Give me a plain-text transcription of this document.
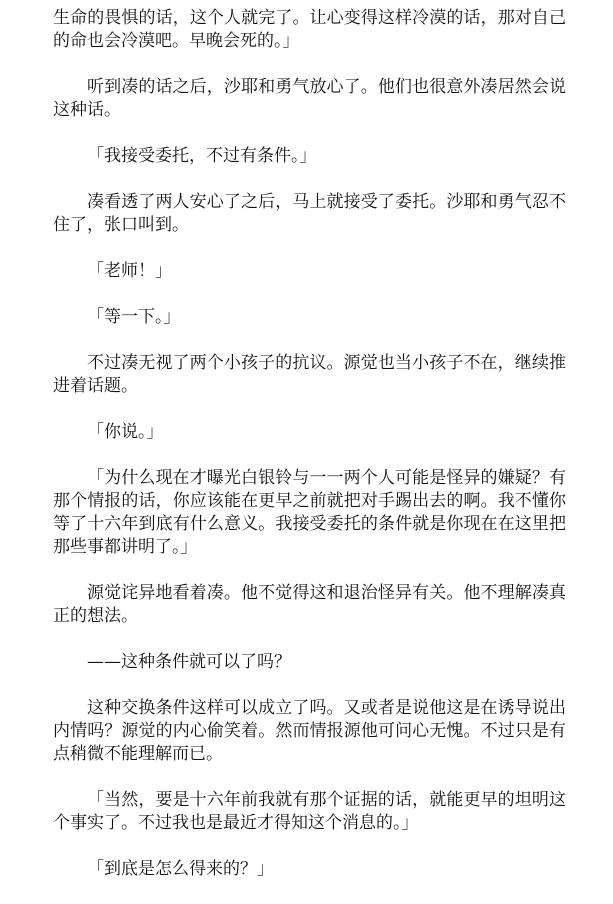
生命的畏惧的话，这个人就完了。让心变得这样冷漠的话，那对自己的命也会冷漠吧。早晚会死的。」

听到凑的话之后，沙耶和勇气放心了。他们也很意外凑居然会说这种话。

「我接受委托，不过有条件。」

凑看透了两人安心了之后，马上就接受了委托。沙耶和勇气忍不住了，张口叫到。

「老师！」

「等一下。」

不过凑无视了两个小孩子的抗议。源觉也当小孩子不在，继续推进着话题。

「你说。」

「为什么现在才曝光白银铃与一一两个人可能是怪异的嫌疑？有那个情报的话，你应该能在更早之前就把对手踢出去的啊。我不懂你等了十六年到底有什么意义。我接受委托的条件就是你现在在这里把那些事都讲明了。」

源觉诧异地看着凑。他不觉得这和退治怪异有关。他不理解凑真正的想法。

——这种条件就可以了吗？

这种交换条件这样可以成立了吗。又或者是说他这是在诱导说出内情吗？源觉的内心偷笑着。然而情报源他可问心无愧。不过只是有点稍微不能理解而已。

「当然，要是十六年前我就有那个证据的话，就能更早的坦明这个事实了。不过我也是最近才得知这个消息的。」

「到底是怎么得来的？」
